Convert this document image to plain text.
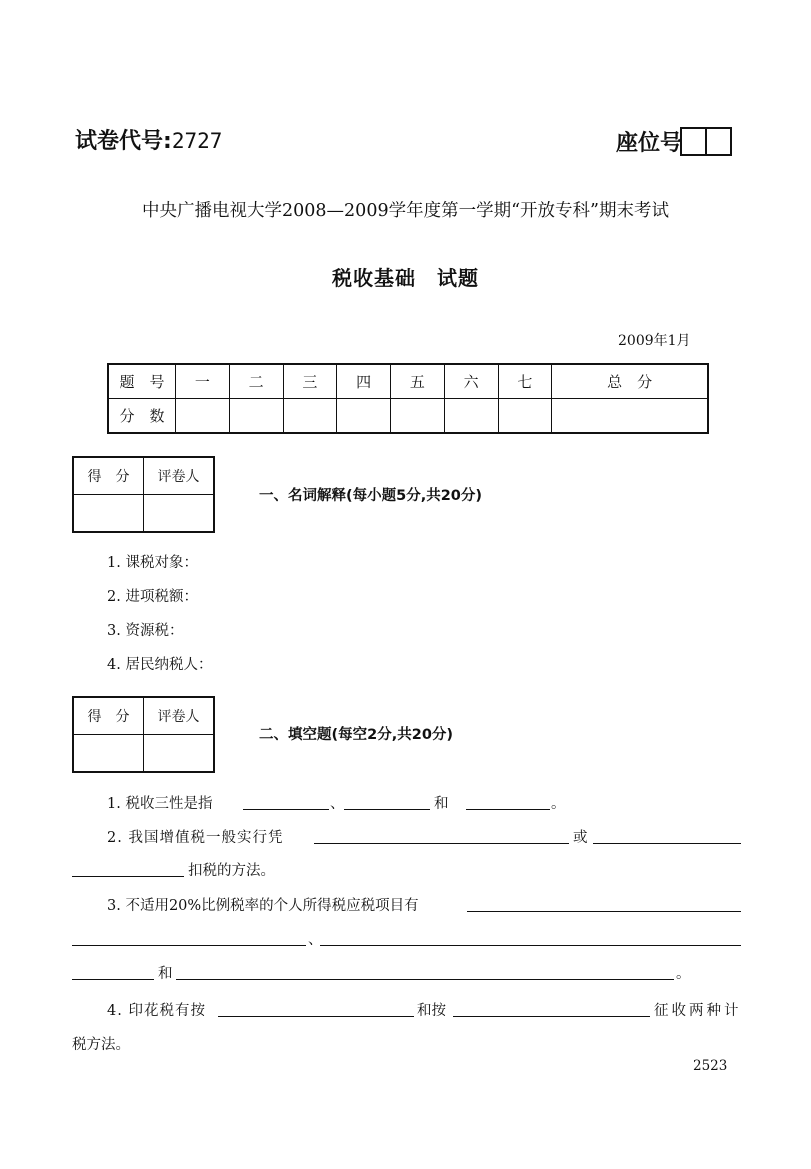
试卷代号:2727	座位号
中央广播电视大学2008—2009学年度第一学期“开放专科”期末考试
税收基础　试题
2009年1月
题　号	一	二	三	四	五	六	七	总　分
分　数								
得　分	评卷人

一、名词解释(每小题5分,共20分)
1. 课税对象：
2. 进项税额：
3. 资源税：
4. 居民纳税人：
得　分	评卷人

二、填空题(每空2分,共20分)
1. 税收三性是指	、	和	。
2. 我国增值税一般实行凭	或
扣税的方法。
3. 不适用20%比例税率的个人所得税应税项目有
、
和	。
4. 印花税有按	和按	征收两种计
税方法。
2523
